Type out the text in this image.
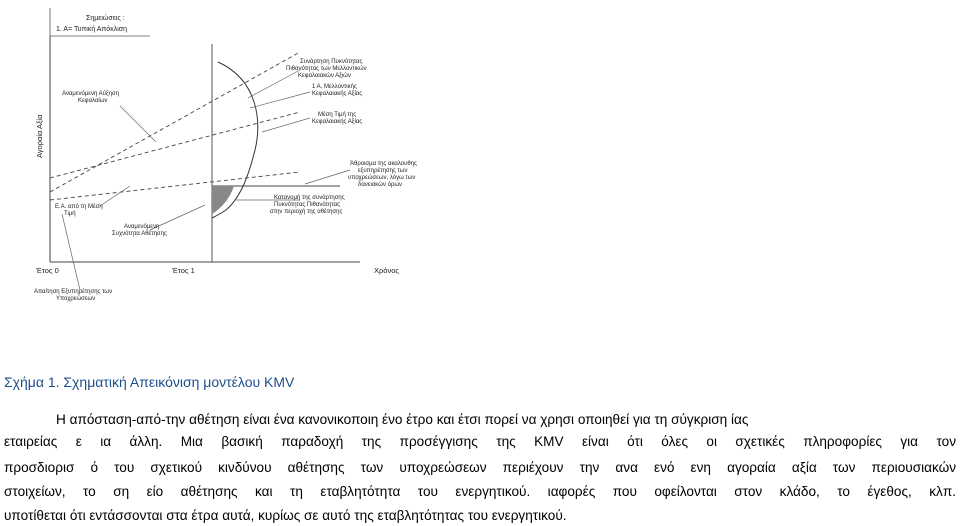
Σημειώσεις :
1. Α= Τυπική Απόκλιση
Αγοραία Αξία
Χρόνος
Έτος 0	Έτος 1
Συνάρτηση Πυκνότητας
Πιθανότητας των Μελλοντικών
Κεφαλαιακών Αξιών
Αναμενόμενη Αύξηση
Κεφαλαίων
1 Α. Μελλοντικής
Κεφαλαιακής Αξίας
Μέση Τιμή της
Κεφαλαιακής Αξίας
Άθροισμα της ακαλουθης
εξυπηρέτησης των
υποχρεώσεων, λόγω των
δανειακών όρων
Ε.Α. από τη Μέση
Τιμή
Κατανομή της συνάρτησης
Πυκνότητας Πιθανότητας
στην περιοχή της αθέτησης
Αναμενόμενη
Συχνότητα Αθέτησης
Απαίτηση Εξυπηρέτησης των
Υποχρεώσεων
Σχήμα 1. Σχηματική Απεικόνιση μοντέλου KMV
Η απόσταση-από-την αθέτηση είναι ένα κανονικοποιη ένο έτρο και έτσι πορεί να χρησι οποιηθεί για τη σύγκριση ίας
εταιρείας ε ια άλλη. Μια βασική παραδοχή της προσέγγισης της KMV είναι ότι όλες οι σχετικές πληροφορίες για τον
προσδιορισ ό του σχετικού κινδύνου αθέτησης των υποχρεώσεων περιέχουν την ανα ενό ενη αγοραία αξία των περιουσιακών
στοιχείων, το ση είο αθέτησης και τη εταβλητότητα του ενεργητικού. ιαφορές που οφείλονται στον κλάδο, το έγεθος, κλπ.
υποτίθεται ότι εντάσσονται στα έτρα αυτά, κυρίως σε αυτό της εταβλητότητας του ενεργητικού.
